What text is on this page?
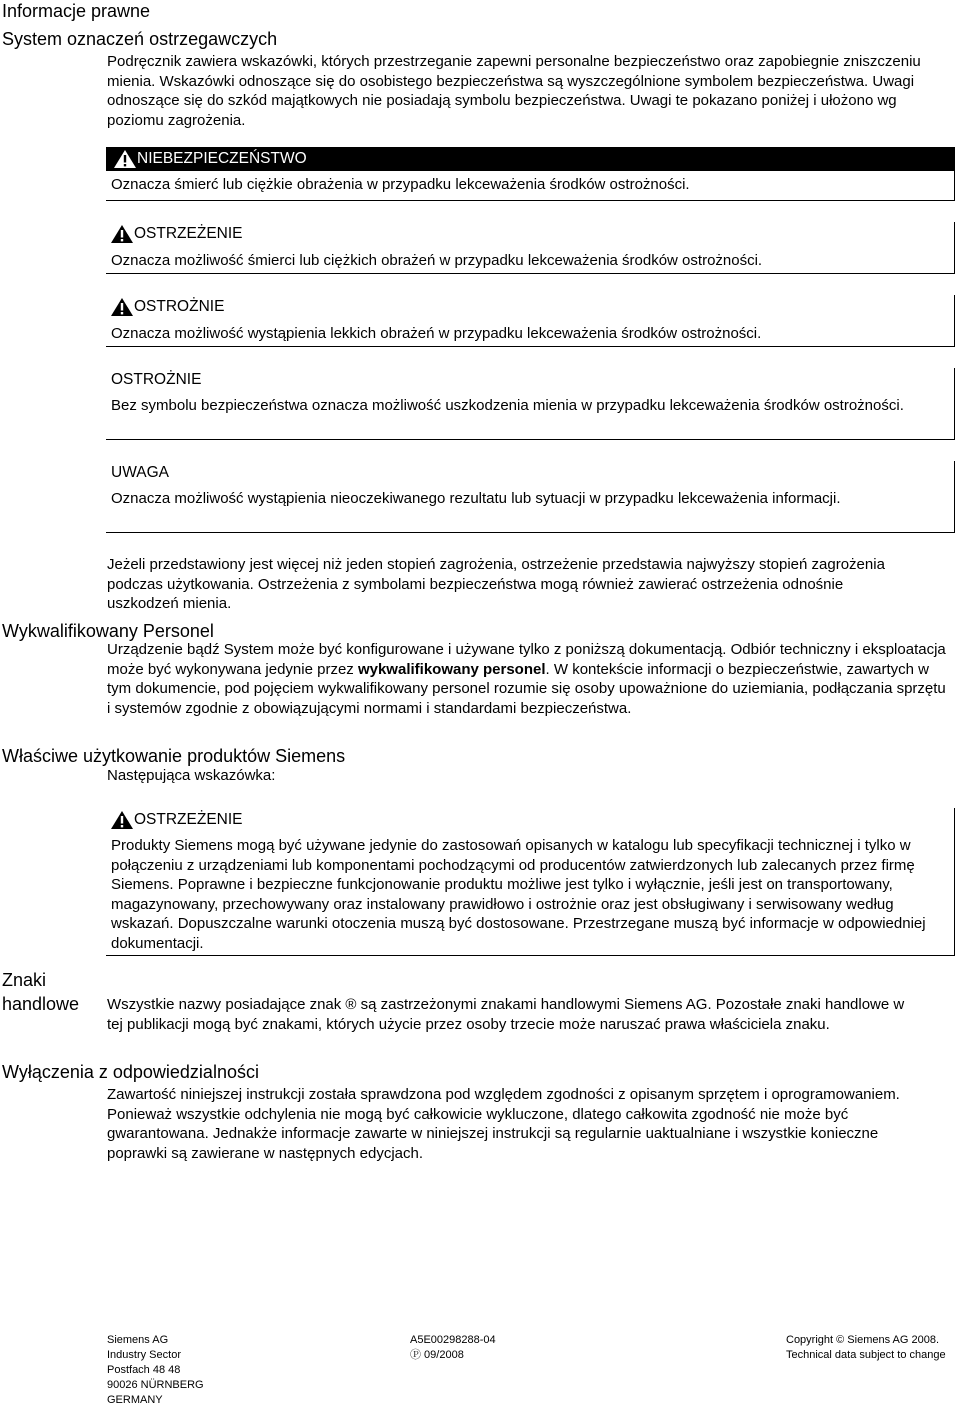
Informacje prawne
System oznaczeń ostrzegawczych
Podręcznik zawiera wskazówki, których przestrzeganie zapewni personalne bezpieczeństwo oraz zapobiegnie zniszczeniu mienia. Wskazówki odnoszące się do osobistego bezpieczeństwa są wyszczególnione symbolem bezpieczeństwa. Uwagi odnoszące się do szkód majątkowych nie posiadają symbolu bezpieczeństwa. Uwagi te pokazano poniżej i ułożono wg poziomu zagrożenia.
NIEBEZPIECZEŃSTWO
Oznacza śmierć lub ciężkie obrażenia w przypadku lekceważenia środków ostrożności.
OSTRZEŻENIE
Oznacza możliwość śmierci lub ciężkich obrażeń w przypadku lekceważenia środków ostrożności.
OSTROŻNIE
Oznacza możliwość wystąpienia lekkich obrażeń w przypadku lekceważenia środków ostrożności.
OSTROŻNIE
Bez symbolu bezpieczeństwa oznacza możliwość uszkodzenia mienia w przypadku lekceważenia środków ostrożności.
UWAGA
Oznacza możliwość wystąpienia nieoczekiwanego rezultatu lub sytuacji w przypadku lekceważenia informacji.
Jeżeli przedstawiony jest więcej niż jeden stopień zagrożenia, ostrzeżenie przedstawia najwyższy stopień zagrożenia podczas użytkowania. Ostrzeżenia z symbolami bezpieczeństwa mogą również zawierać ostrzeżenia odnośnie uszkodzeń mienia.
Wykwalifikowany Personel
Urządzenie bądź System może być konfigurowane i używane tylko z poniższą dokumentacją. Odbiór techniczny i eksploatacja może być wykonywana jedynie przez wykwalifikowany personel. W kontekście informacji o bezpieczeństwie, zawartych w tym dokumencie, pod pojęciem wykwalifikowany personel rozumie się osoby upoważnione do uziemiania, podłączania sprzętu i systemów zgodnie z obowiązującymi normami i standardami bezpieczeństwa.
Właściwe użytkowanie produktów Siemens
Następująca wskazówka:
OSTRZEŻENIE
Produkty Siemens mogą być używane jedynie do zastosowań opisanych w katalogu lub specyfikacji technicznej i tylko w połączeniu z urządzeniami lub komponentami pochodzącymi od producentów zatwierdzonych lub zalecanych przez firmę Siemens. Poprawne i bezpieczne funkcjonowanie produktu możliwe jest tylko i wyłącznie, jeśli jest on transportowany, magazynowany, przechowywany oraz instalowany prawidłowo i ostrożnie oraz jest obsługiwany i serwisowany według wskazań. Dopuszczalne warunki otoczenia muszą być dostosowane. Przestrzegane muszą być informacje w odpowiedniej dokumentacji.
Znaki
handlowe Wszystkie nazwy posiadające znak ® są zastrzeżonymi znakami handlowymi Siemens AG. Pozostałe znaki handlowe w tej publikacji mogą być znakami, których użycie przez osoby trzecie może naruszać prawa właściciela znaku.
Wyłączenia z odpowiedzialności
Zawartość niniejszej instrukcji została sprawdzona pod względem zgodności z opisanym sprzętem i oprogramowaniem. Ponieważ wszystkie odchylenia nie mogą być całkowicie wykluczone, dlatego całkowita zgodność nie może być gwarantowana. Jednakże informacje zawarte w niniejszej instrukcji są regularnie uaktualniane i wszystkie konieczne poprawki są zawierane w następnych edycjach.
Siemens AG
Industry Sector
Postfach 48 48
90026 NÜRNBERG
GERMANY
A5E00298288-04
Ⓟ 09/2008
Copyright © Siemens AG 2008.
Technical data subject to change
